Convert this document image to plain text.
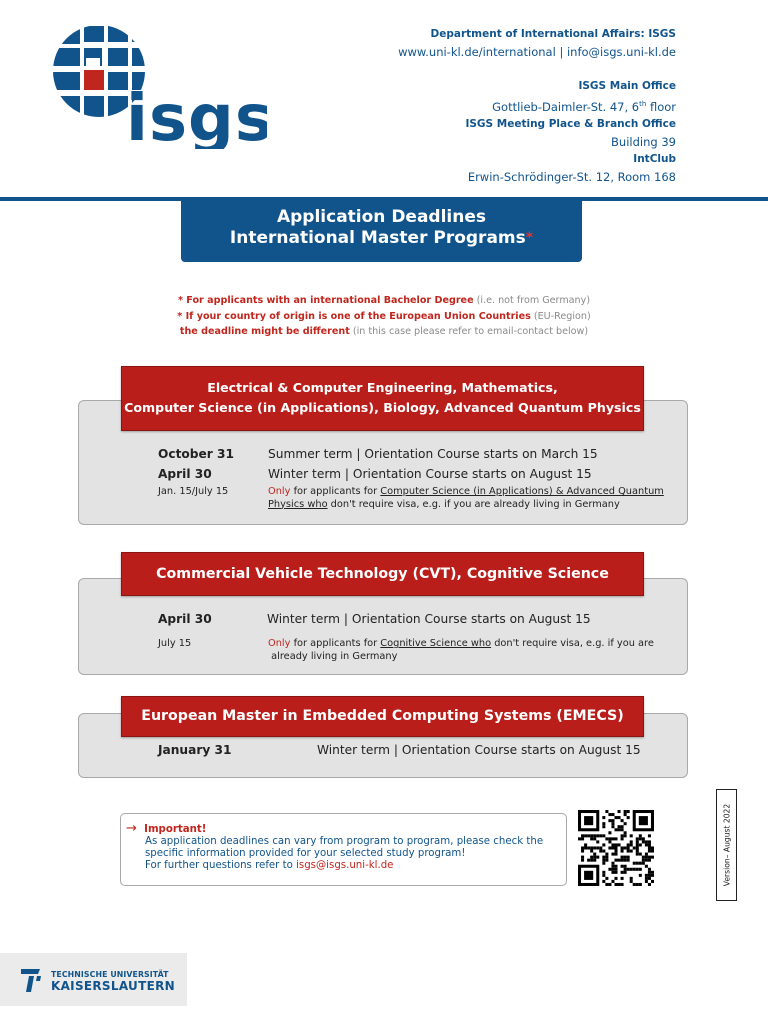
isgs
Department of International Affairs: ISGS
www.uni-kl.de/international | info@isgs.uni-kl.de
ISGS Main Office
Gottlieb-Daimler-St. 47, 6th floor
ISGS Meeting Place & Branch Office
Building 39
IntClub
Erwin-Schrödinger-St. 12, Room 168
Application Deadlines
International Master Programs*
* For applicants with an international Bachelor Degree (i.e. not from Germany)
* If your country of origin is one of the European Union Countries (EU-Region)
the deadline might be different (in this case please refer to email-contact below)
Electrical & Computer Engineering, Mathematics,
Computer Science (in Applications), Biology, Advanced Quantum Physics
October 31	Summer term | Orientation Course starts on March 15
April 30	Winter term | Orientation Course starts on August 15
Jan. 15/July 15	Only for applicants for Computer Science (in Applications) & Advanced Quantum
Physics who don't require visa, e.g. if you are already living in Germany
Commercial Vehicle Technology (CVT), Cognitive Science
April 30	Winter term | Orientation Course starts on August 15
July 15	Only for applicants for Cognitive Science who don't require visa, e.g. if you are
already living in Germany
European Master in Embedded Computing Systems (EMECS)
January 31	Winter term | Orientation Course starts on August 15
→ Important!
As application deadlines can vary from program to program, please check the
specific information provided for your selected study program!
For further questions refer to isgs@isgs.uni-kl.de	Version– August 2022
TECHNISCHE UNIVERSITÄT
KAISERSLAUTERN
